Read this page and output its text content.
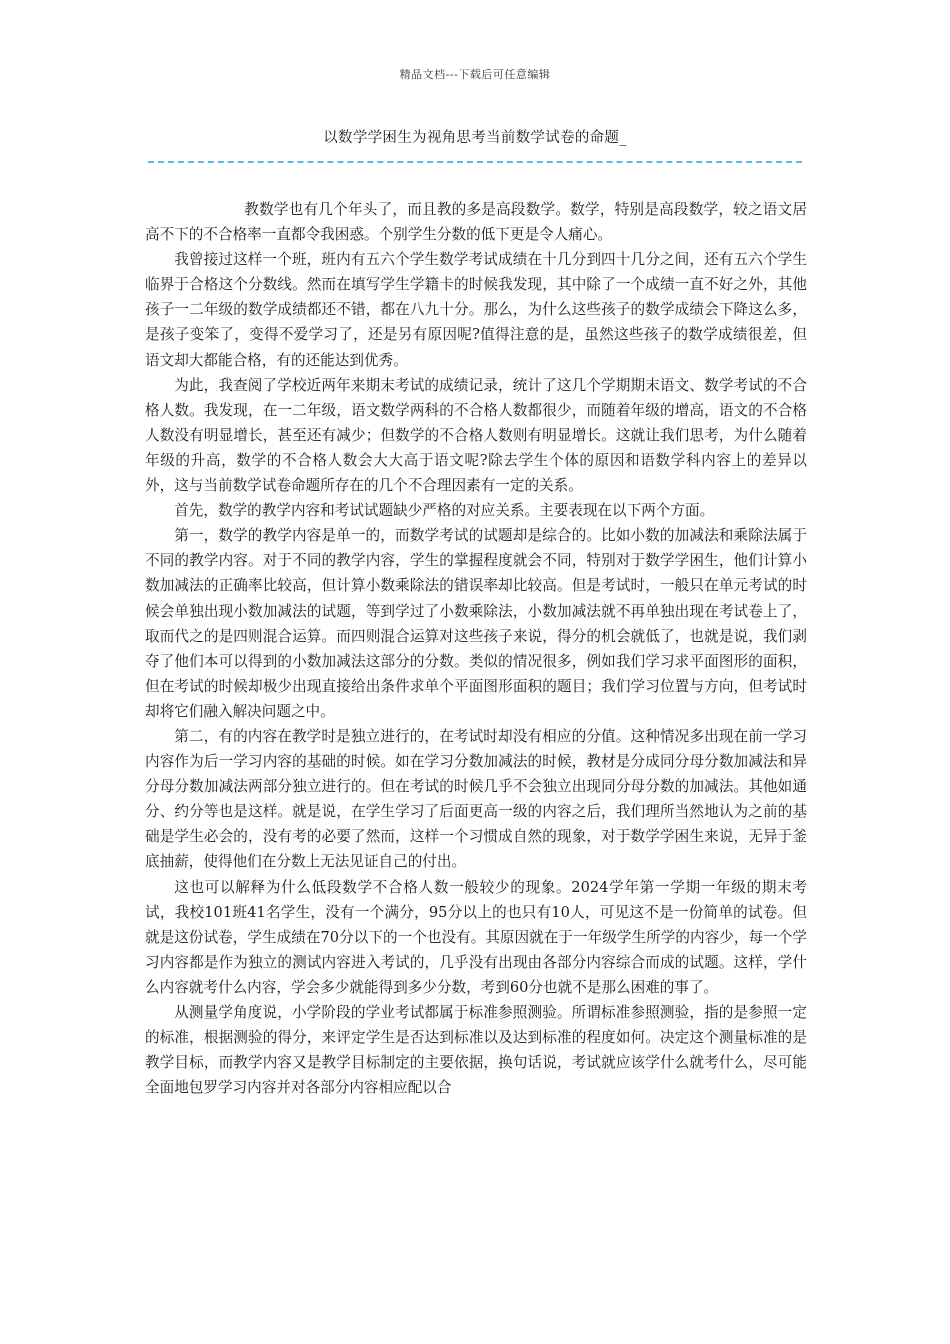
精品文档---下载后可任意编辑
以数学学困生为视角思考当前数学试卷的命题_

教数学也有几个年头了，而且教的多是高段数学。数学，特别是高段数学，较之语文居高不下的不合格率一直都令我困惑。个别学生分数的低下更是令人痛心。

我曾接过这样一个班，班内有五六个学生数学考试成绩在十几分到四十几分之间，还有五六个学生临界于合格这个分数线。然而在填写学生学籍卡的时候我发现，其中除了一个成绩一直不好之外，其他孩子一二年级的数学成绩都还不错，都在八九十分。那么，为什么这些孩子的数学成绩会下降这么多，是孩子变笨了，变得不爱学习了，还是另有原因呢?值得注意的是，虽然这些孩子的数学成绩很差，但语文却大都能合格，有的还能达到优秀。

为此，我查阅了学校近两年来期末考试的成绩记录，统计了这几个学期期末语文、数学考试的不合格人数。我发现，在一二年级，语文数学两科的不合格人数都很少，而随着年级的增高，语文的不合格人数没有明显增长，甚至还有减少；但数学的不合格人数则有明显增长。这就让我们思考，为什么随着年级的升高，数学的不合格人数会大大高于语文呢?除去学生个体的原因和语数学科内容上的差异以外，这与当前数学试卷命题所存在的几个不合理因素有一定的关系。

首先，数学的教学内容和考试试题缺少严格的对应关系。主要表现在以下两个方面。

第一，数学的教学内容是单一的，而数学考试的试题却是综合的。比如小数的加减法和乘除法属于不同的教学内容。对于不同的教学内容，学生的掌握程度就会不同，特别对于数学学困生，他们计算小数加减法的正确率比较高，但计算小数乘除法的错误率却比较高。但是考试时，一般只在单元考试的时候会单独出现小数加减法的试题，等到学过了小数乘除法，小数加减法就不再单独出现在考试卷上了，取而代之的是四则混合运算。而四则混合运算对这些孩子来说，得分的机会就低了，也就是说，我们剥夺了他们本可以得到的小数加减法这部分的分数。类似的情况很多，例如我们学习求平面图形的面积，但在考试的时候却极少出现直接给出条件求单个平面图形面积的题目；我们学习位置与方向，但考试时却将它们融入解决问题之中。

第二，有的内容在教学时是独立进行的，在考试时却没有相应的分值。这种情况多出现在前一学习内容作为后一学习内容的基础的时候。如在学习分数加减法的时候，教材是分成同分母分数加减法和异分母分数加减法两部分独立进行的。但在考试的时候几乎不会独立出现同分母分数的加减法。其他如通分、约分等也是这样。就是说，在学生学习了后面更高一级的内容之后，我们理所当然地认为之前的基础是学生必会的，没有考的必要了然而，这样一个习惯成自然的现象，对于数学学困生来说，无异于釜底抽薪，使得他们在分数上无法见证自己的付出。

这也可以解释为什么低段数学不合格人数一般较少的现象。2024学年第一学期一年级的期末考试，我校101班41名学生，没有一个满分，95分以上的也只有10人，可见这不是一份简单的试卷。但就是这份试卷，学生成绩在70分以下的一个也没有。其原因就在于一年级学生所学的内容少，每一个学习内容都是作为独立的测试内容进入考试的，几乎没有出现由各部分内容综合而成的试题。这样，学什么内容就考什么内容，学会多少就能得到多少分数，考到60分也就不是那么困难的事了。

从测量学角度说，小学阶段的学业考试都属于标准参照测验。所谓标准参照测验，指的是参照一定的标准，根据测验的得分，来评定学生是否达到标准以及达到标准的程度如何。决定这个测量标准的是教学目标，而教学内容又是教学目标制定的主要依据，换句话说，考试就应该学什么就考什么，尽可能全面地包罗学习内容并对各部分内容相应配以合
